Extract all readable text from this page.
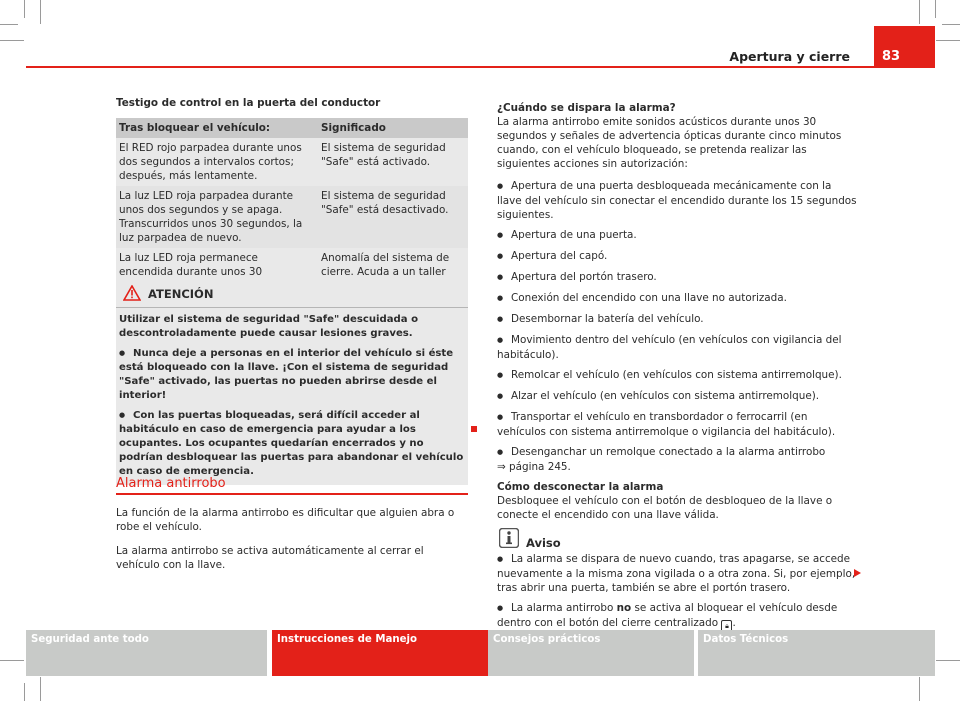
Apertura y cierre 83
Testigo de control en la puerta del conductor
Tras bloquear el vehículo:	Significado
El RED rojo parpadea durante unos dos segundos a intervalos cortos; después, más lentamente.	El sistema de seguridad "Safe" está activado.
La luz LED roja parpadea durante unos dos segundos y se apaga. Transcurridos unos 30 segundos, la luz parpadea de nuevo.	El sistema de seguridad "Safe" está desactivado.
La luz LED roja permanece encendida durante unos 30	Anomalía del sistema de cierre. Acuda a un taller
ATENCIÓN

Utilizar el sistema de seguridad "Safe" descuidada o descontroladamente puede causar lesiones graves.

● Nunca deje a personas en el interior del vehículo si éste está bloqueado con la llave. ¡Con el sistema de seguridad "Safe" activado, las puertas no pueden abrirse desde el interior!

● Con las puertas bloqueadas, será difícil acceder al habitáculo en caso de emergencia para ayudar a los ocupantes. Los ocupantes quedarían encerrados y no podrían desbloquear las puertas para abandonar el vehículo en caso de emergencia.

Alarma antirrobo

La función de la alarma antirrobo es dificultar que alguien abra o robe el vehículo.

La alarma antirrobo se activa automáticamente al cerrar el vehículo con la llave.

¿Cuándo se dispara la alarma?

La alarma antirrobo emite sonidos acústicos durante unos 30 segundos y señales de advertencia ópticas durante cinco minutos cuando, con el vehículo bloqueado, se pretenda realizar las siguientes acciones sin autorización:

● Apertura de una puerta desbloqueada mecánicamente con la llave del vehículo sin conectar el encendido durante los 15 segundos siguientes.

● Apertura de una puerta.

● Apertura del capó.

● Apertura del portón trasero.

● Conexión del encendido con una llave no autorizada.

● Desembornar la batería del vehículo.

● Movimiento dentro del vehículo (en vehículos con vigilancia del habitáculo).

● Remolcar el vehículo (en vehículos con sistema antirremolque).

● Alzar el vehículo (en vehículos con sistema antirremolque).

● Transportar el vehículo en transbordador o ferrocarril (en vehículos con sistema antirremolque o vigilancia del habitáculo).

● Desenganchar un remolque conectado a la alarma antirrobo
⇒ página 245.

Cómo desconectar la alarma

Desbloquee el vehículo con el botón de desbloqueo de la llave o conecte el encendido con una llave válida.

Aviso

● La alarma se dispara de nuevo cuando, tras apagarse, se accede nuevamente a la misma zona vigilada o a otra zona. Si, por ejemplo, tras abrir una puerta, también se abre el portón trasero.

● La alarma antirrobo no se activa al bloquear el vehículo desde dentro con el botón del cierre centralizado 🔒︎ .

Seguridad ante todo	Instrucciones de Manejo	Consejos prácticos	Datos Técnicos
